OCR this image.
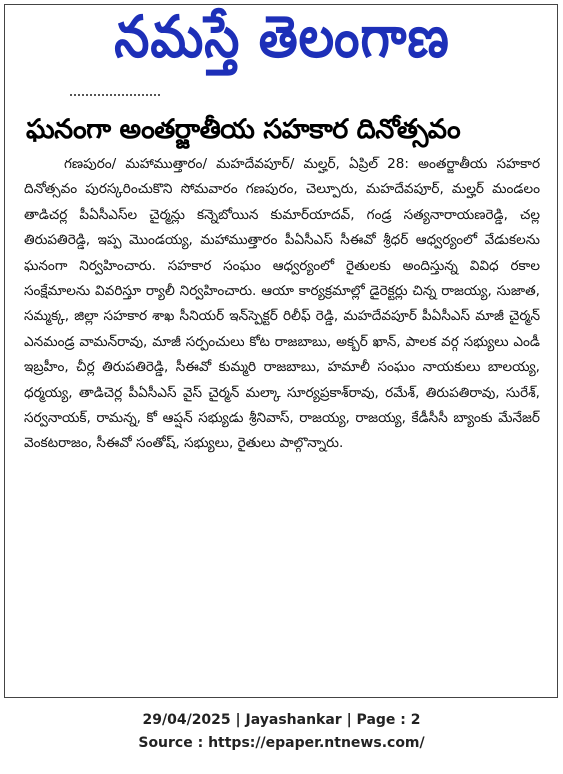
నమస్తే తెలంగాణ
ఘనంగా అంతర్జాతీయ సహకార దినోత్సవం
గణపురం/ మహాముత్తారం/ మహదేవపూర్/ మల్హర్, ఏప్రిల్ 28: అంతర్జాతీయ సహకార దినోత్సవం పురస్కరించుకొని సోమవారం గణపురం, చెల్పూరు, మహదేవపూర్, మల్హర్ మండలం తాడిచర్ల పీఏసీఎస్‌ల చైర్మన్లు కన్నెబోయిన కుమార్‌యాదవ్, గండ్ర సత్యనారాయణరెడ్డి, చల్ల తిరుపతిరెడ్డి, ఇప్ప మొండయ్య, మహాముత్తారం పీఏసీఎస్ సీఈవో శ్రీధర్ ఆధ్వర్యంలో వేడుకలను ఘనంగా నిర్వహించారు. సహకార సంఘం ఆధ్వర్యంలో రైతులకు అందిస్తున్న వివిధ రకాల సంక్షేమాలను వివరిస్తూ ర్యాలీ నిర్వహించారు. ఆయా కార్యక్రమాల్లో డైరెక్టర్లు చిన్న రాజయ్య, సుజాత, సమ్మక్క, జిల్లా సహకార శాఖ సీనియర్ ఇన్‌స్పెక్టర్ రిలీఫ్ రెడ్డి, మహదేవపూర్ పీఏసీఎస్ మాజీ చైర్మన్ ఎనమండ్ర వామన్‌రావు, మాజీ సర్పంచులు కోట రాజబాబు, అక్బర్ ఖాన్, పాలక వర్గ సభ్యులు ఎండీ ఇబ్రహీం, చీర్ల తిరుపతిరెడ్డి, సీఈవో కుమ్మరి రాజబాబు, హమాలీ సంఘం నాయకులు బాలయ్య, ధర్మయ్య, తాడిచెర్ల పీఏసీఎస్ వైస్ చైర్మన్ మల్కా సూర్యప్రకాశ్‌రావు, రమేశ్, తిరుపతిరావు, సురేశ్, సర్వనాయక్, రామన్న, కో ఆప్షన్ సభ్యుడు శ్రీనివాస్, రాజయ్య, రాజయ్య, కేడీసీసీ బ్యాంకు మేనేజర్ వెంకటరాజం, సీఈవో సంతోష్, సభ్యులు, రైతులు పాల్గొన్నారు.
29/04/2025 | Jayashankar | Page : 2
Source : https://epaper.ntnews.com/
